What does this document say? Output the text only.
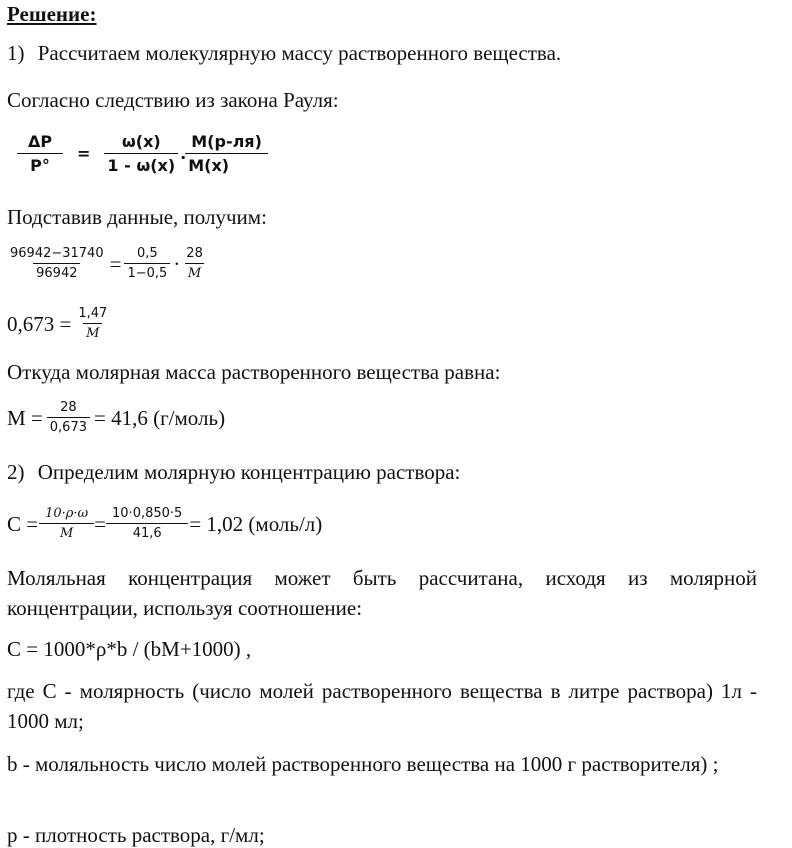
Решение:
1) Рассчитаем молекулярную массу растворенного вещества.
Согласно следствию из закона Рауля:
$\frac{\Delta P}{P^\circ} = \frac{\omega(x)}{1 - \omega(x)} \cdot \frac{M(р-ля)}{M(x)}$
Подставив данные, получим:
$\frac{96942-31740}{96942} = \frac{0,5}{1-0,5} \cdot \frac{28}{M}$
$0,673 = \frac{1,47}{M}$
Откуда молярная масса растворенного вещества равна:
$M = \frac{28}{0,673} = 41,6$ (г/моль)
2) Определим молярную концентрацию раствора:
$C = \frac{10\cdot\rho\cdot\omega}{M} = \frac{10\cdot 0,850\cdot 5}{41,6} = 1,02$ (моль/л)
Моляльная концентрация может быть рассчитана, исходя из молярной концентрации, используя соотношение:
C = 1000*ρ*b / (bM+1000) ,
где С - молярность (число молей растворенного вещества в литре раствора) 1л - 1000 мл;
b - моляльность число молей растворенного вещества на 1000 г растворителя) ;
p - плотность раствора, г/мл;
